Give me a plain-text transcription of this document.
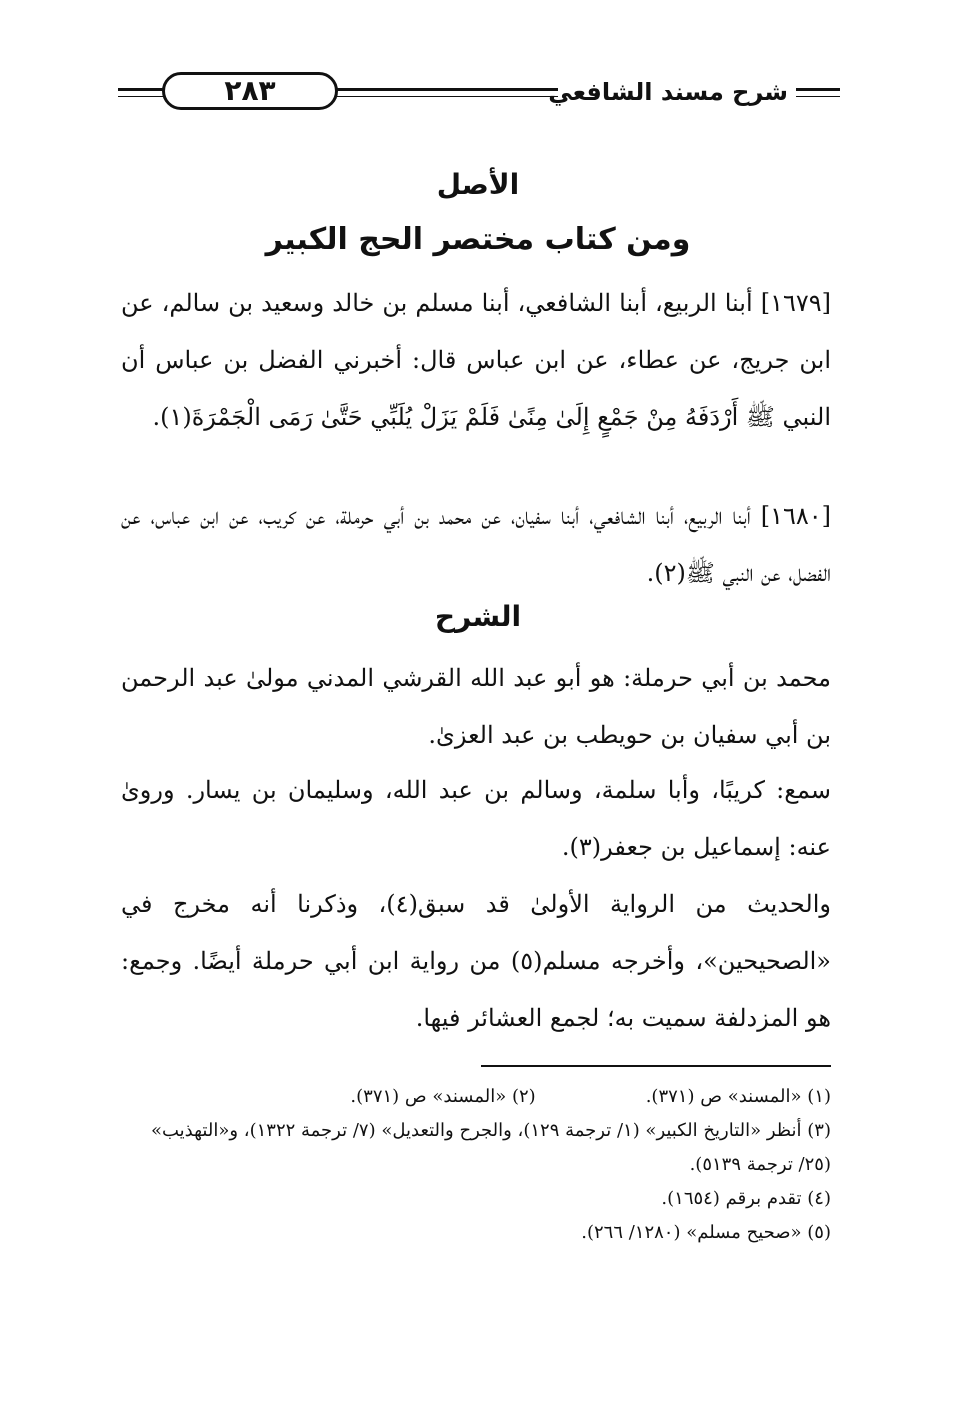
شرح مسند الشافعي
٢٨٣
الأصل
ومن كتاب مختصر الحج الكبير

[١٦٧٩] أبنا الربيع، أبنا الشافعي، أبنا مسلم بن خالد وسعيد بن سالم، عن ابن جريج، عن عطاء، عن ابن عباس قال: أخبرني الفضل بن عباس أن النبي ﷺ أَرْدَفَهُ مِنْ جَمْعٍ إِلَىٰ مِنًىٰ فَلَمْ يَزَلْ يُلَبِّي حَتَّىٰ رَمَى الْجَمْرَةَ(١).

[١٦٨٠] أبنا الربيع، أبنا الشافعي، أبنا سفيان، عن محمد بن أبي حرملة، عن كريب، عن ابن عباس، عن الفضل، عن النبي ﷺ(٢).

الشرح

محمد بن أبي حرملة: هو أبو عبد الله القرشي المدني مولىٰ عبد الرحمن بن أبي سفيان بن حويطب بن عبد العزىٰ.

سمع: كريبًا، وأبا سلمة، وسالم بن عبد الله، وسليمان بن يسار. وروىٰ عنه: إسماعيل بن جعفر(٣).

والحديث من الرواية الأولىٰ قد سبق(٤)، وذكرنا أنه مخرج في «الصحيحين»، وأخرجه مسلم(٥) من رواية ابن أبي حرملة أيضًا. وجمع: هو المزدلفة سميت به؛ لجمع العشائر فيها.

(١) «المسند» ص (٣٧١).

(٢) «المسند» ص (٣٧١).

(٣) أنظر «التاريخ الكبير» (١/ ترجمة ١٢٩)، والجرح والتعديل» (٧/ ترجمة ١٣٢٢)، و«التهذيب» (٢٥/ ترجمة ٥١٣٩).

(٤) تقدم برقم (١٦٥٤).

(٥) «صحيح مسلم» (١٢٨٠/ ٢٦٦).
